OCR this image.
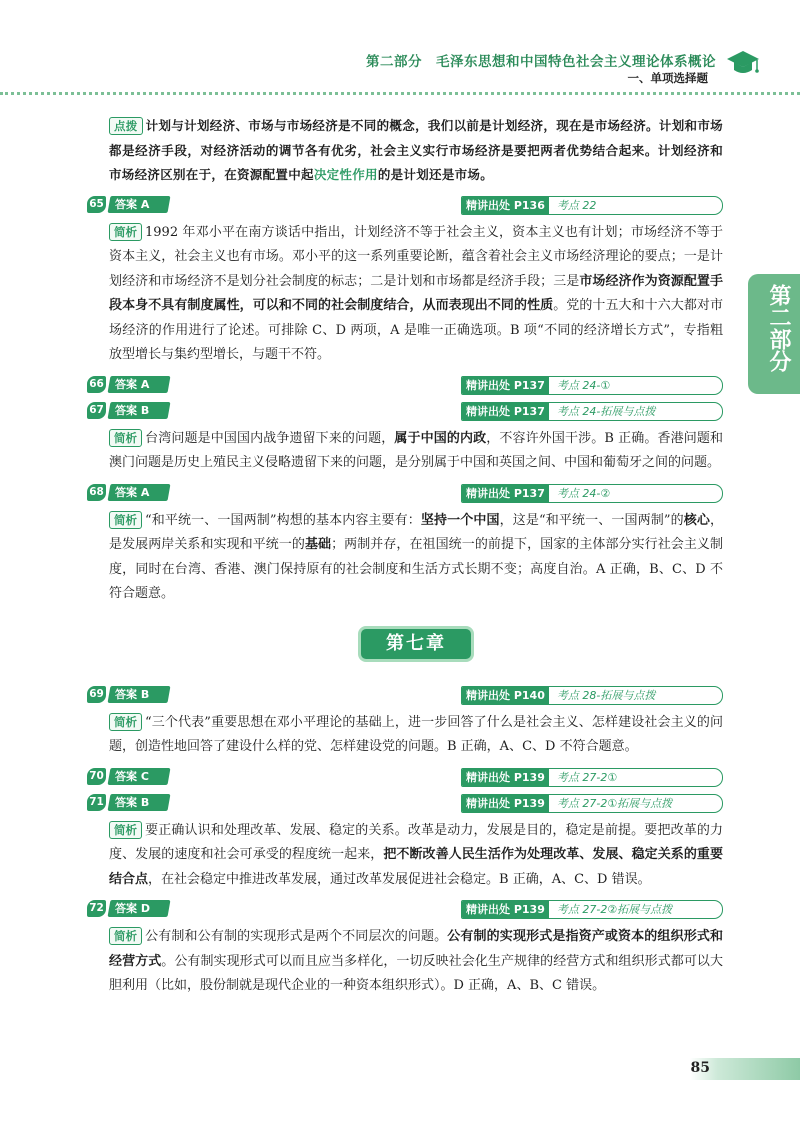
第二部分　毛泽东思想和中国特色社会主义理论体系概论
一、单项选择题
第二部分

点拨 计划与计划经济、市场与市场经济是不同的概念，我们以前是计划经济，现在是市场经济。计划和市场都是经济手段，对经济活动的调节各有优劣，社会主义实行市场经济是要把两者优势结合起来。计划经济和市场经济区别在于，在资源配置中起决定性作用的是计划还是市场。

65	答案 A	精讲出处 P136 考点 22

简析 1992 年邓小平在南方谈话中指出，计划经济不等于社会主义，资本主义也有计划；市场经济不等于资本主义，社会主义也有市场。邓小平的这一系列重要论断，蕴含着社会主义市场经济理论的要点；一是计划经济和市场经济不是划分社会制度的标志；二是计划和市场都是经济手段；三是市场经济作为资源配置手段本身不具有制度属性，可以和不同的社会制度结合，从而表现出不同的性质。党的十五大和十六大都对市场经济的作用进行了论述。可排除 C、D 两项，A 是唯一正确选项。B 项“不同的经济增长方式”，专指粗放型增长与集约型增长，与题干不符。

66	答案 A	精讲出处 P137 考点 24-①
67	答案 B	精讲出处 P137 考点 24-拓展与点拨

简析 台湾问题是中国国内战争遗留下来的问题，属于中国的内政，不容许外国干涉。B 正确。香港问题和澳门问题是历史上殖民主义侵略遗留下来的问题，是分别属于中国和英国之间、中国和葡萄牙之间的问题。

68	答案 A	精讲出处 P137 考点 24-②

简析 “和平统一、一国两制”构想的基本内容主要有：坚持一个中国，这是“和平统一、一国两制”的核心，是发展两岸关系和实现和平统一的基础；两制并存，在祖国统一的前提下，国家的主体部分实行社会主义制度，同时在台湾、香港、澳门保持原有的社会制度和生活方式长期不变；高度自治。A 正确，B、C、D 不符合题意。

第七章
69	答案 B	精讲出处 P140 考点 28-拓展与点拨

简析 “三个代表”重要思想在邓小平理论的基础上，进一步回答了什么是社会主义、怎样建设社会主义的问题，创造性地回答了建设什么样的党、怎样建设党的问题。B 正确，A、C、D 不符合题意。

70	答案 C	精讲出处 P139 考点 27-2①
71	答案 B	精讲出处 P139 考点 27-2①拓展与点拨

简析 要正确认识和处理改革、发展、稳定的关系。改革是动力，发展是目的，稳定是前提。要把改革的力度、发展的速度和社会可承受的程度统一起来，把不断改善人民生活作为处理改革、发展、稳定关系的重要结合点，在社会稳定中推进改革发展，通过改革发展促进社会稳定。B 正确，A、C、D 错误。

72	答案 D	精讲出处 P139 考点 27-2②拓展与点拨

简析 公有制和公有制的实现形式是两个不同层次的问题。公有制的实现形式是指资产或资本的组织形式和经营方式。公有制实现形式可以而且应当多样化，一切反映社会化生产规律的经营方式和组织形式都可以大胆利用（比如，股份制就是现代企业的一种资本组织形式）。D 正确，A、B、C 错误。

85
